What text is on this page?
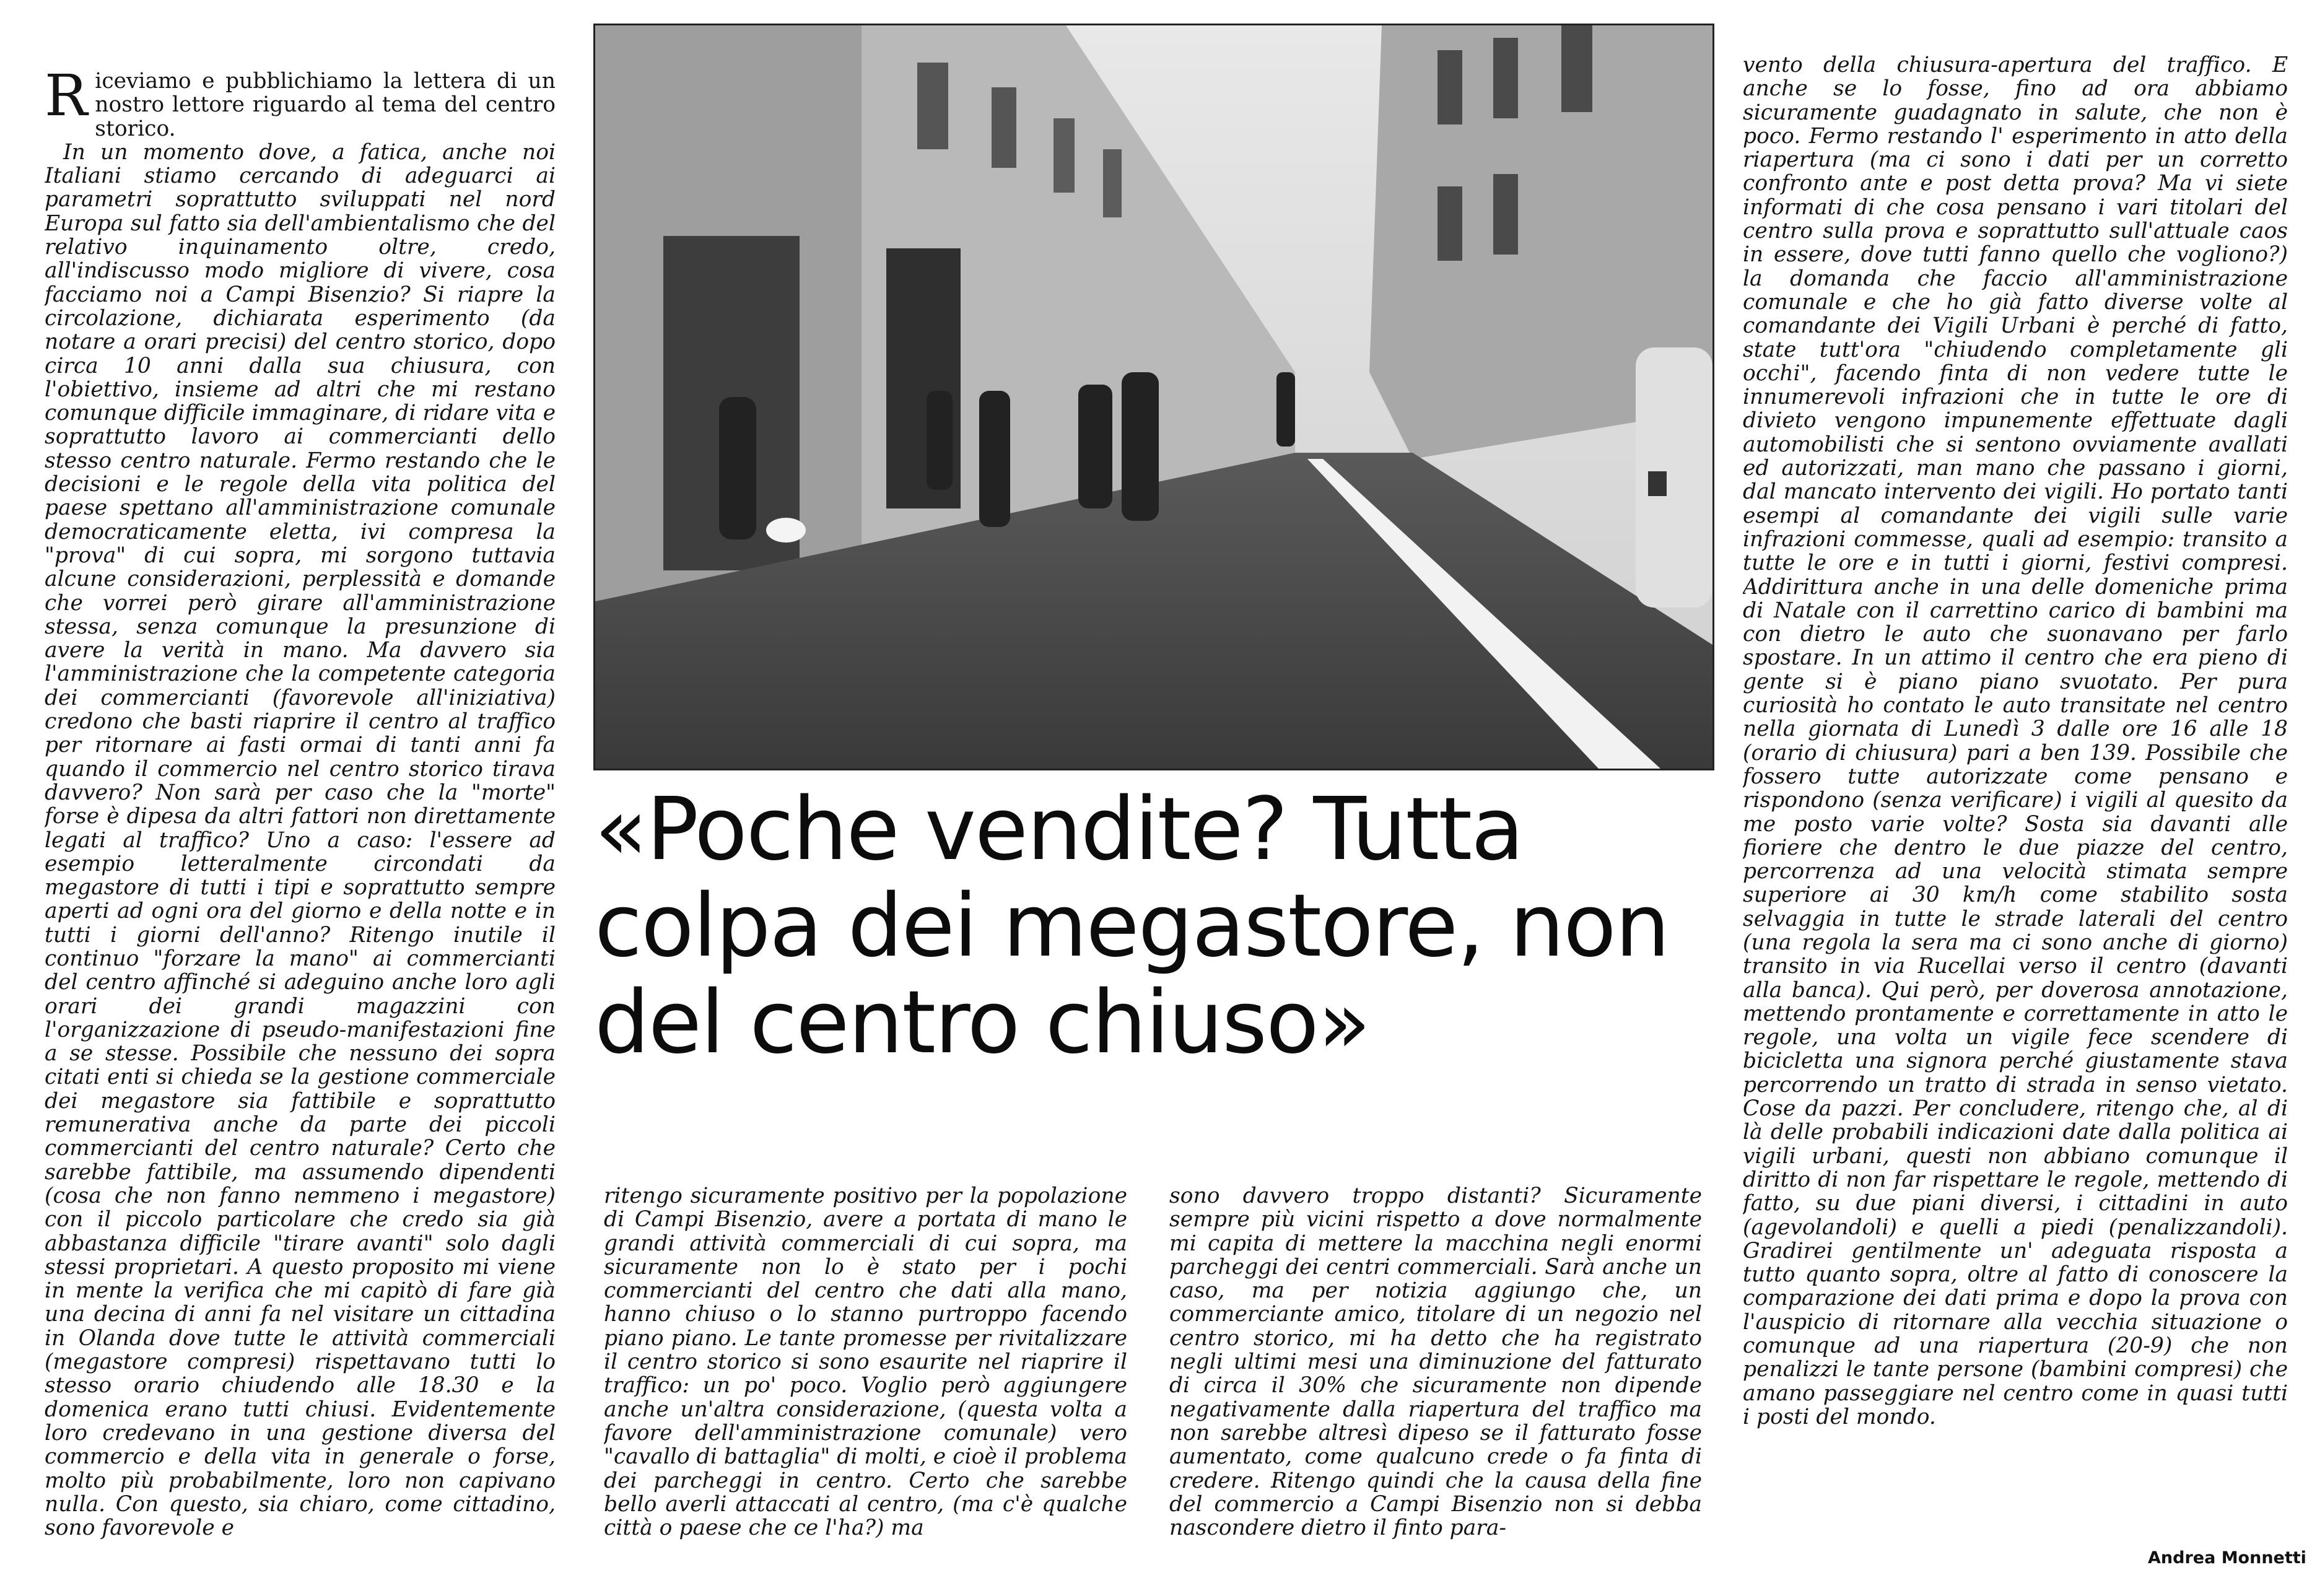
Riceviamo e pubblichiamo la lettera di un nostro lettore riguardo al tema del centro storico.

In un momento dove, a fatica, anche noi Italiani stiamo cercando di adeguarci ai parametri soprattutto sviluppati nel nord Europa sul fatto sia dell'ambientalismo che del relativo inquinamento oltre, credo, all'indiscusso modo migliore di vivere, cosa facciamo noi a Campi Bisenzio? Si riapre la circolazione, dichiarata esperimento (da notare a orari precisi) del centro storico, dopo circa 10 anni dalla sua chiusura, con l'obiettivo, insieme ad altri che mi restano comunque difficile immaginare, di ridare vita e soprattutto lavoro ai commercianti dello stesso centro naturale. Fermo restando che le decisioni e le regole della vita politica del paese spettano all'amministrazione comunale democraticamente eletta, ivi compresa la "prova" di cui sopra, mi sorgono tuttavia alcune considerazioni, perplessità e domande che vorrei però girare all'amministrazione stessa, senza comunque la presunzione di avere la verità in mano. Ma davvero sia l'amministrazione che la competente categoria dei commercianti (favorevole all'iniziativa) credono che basti riaprire il centro al traffico per ritornare ai fasti ormai di tanti anni fa quando il commercio nel centro storico tirava davvero? Non sarà per caso che la "morte" forse è dipesa da altri fattori non direttamente legati al traffico? Uno a caso: l'essere ad esempio letteralmente circondati da megastore di tutti i tipi e soprattutto sempre aperti ad ogni ora del giorno e della notte e in tutti i giorni dell'anno? Ritengo inutile il continuo "forzare la mano" ai commercianti del centro affinché si adeguino anche loro agli orari dei grandi magazzini con l'organizzazione di pseudo-manifestazioni fine a se stesse. Possibile che nessuno dei sopra citati enti si chieda se la gestione commerciale dei megastore sia fattibile e soprattutto remunerativa anche da parte dei piccoli commercianti del centro naturale? Certo che sarebbe fattibile, ma assumendo dipendenti (cosa che non fanno nemmeno i megastore) con il piccolo particolare che credo sia già abbastanza difficile "tirare avanti" solo dagli stessi proprietari. A questo proposito mi viene in mente la verifica che mi capitò di fare già una decina di anni fa nel visitare un cittadina in Olanda dove tutte le attività commerciali (megastore compresi) rispettavano tutti lo stesso orario chiudendo alle 18.30 e la domenica erano tutti chiusi. Evidentemente loro credevano in una gestione diversa del commercio e della vita in generale o forse, molto più probabilmente, loro non capivano nulla. Con questo, sia chiaro, come cittadino, sono favorevole e

«Poche vendite? Tutta colpa dei megastore, non del centro chiuso»

ritengo sicuramente positivo per la popolazione di Campi Bisenzio, avere a portata di mano le grandi attività commerciali di cui sopra, ma sicuramente non lo è stato per i pochi commercianti del centro che dati alla mano, hanno chiuso o lo stanno purtroppo facendo piano piano. Le tante promesse per rivitalizzare il centro storico si sono esaurite nel riaprire il traffico: un po' poco. Voglio però aggiungere anche un'altra considerazione, (questa volta a favore dell'amministrazione comunale) vero "cavallo di battaglia" di molti, e cioè il problema dei parcheggi in centro. Certo che sarebbe bello averli attaccati al centro, (ma c'è qualche città o paese che ce l'ha?) ma

sono davvero troppo distanti? Sicuramente sempre più vicini rispetto a dove normalmente mi capita di mettere la macchina negli enormi parcheggi dei centri commerciali. Sarà anche un caso, ma per notizia aggiungo che, un commerciante amico, titolare di un negozio nel centro storico, mi ha detto che ha registrato negli ultimi mesi una diminuzione del fatturato di circa il 30% che sicuramente non dipende negativamente dalla riapertura del traffico ma non sarebbe altresì dipeso se il fatturato fosse aumentato, come qualcuno crede o fa finta di credere. Ritengo quindi che la causa della fine del commercio a Campi Bisenzio non si debba nascondere dietro il finto para-

vento della chiusura-apertura del traffico. E anche se lo fosse, fino ad ora abbiamo sicuramente guadagnato in salute, che non è poco. Fermo restando l' esperimento in atto della riapertura (ma ci sono i dati per un corretto confronto ante e post detta prova? Ma vi siete informati di che cosa pensano i vari titolari del centro sulla prova e soprattutto sull'attuale caos in essere, dove tutti fanno quello che vogliono?) la domanda che faccio all'amministrazione comunale e che ho già fatto diverse volte al comandante dei Vigili Urbani è perché di fatto, state tutt'ora "chiudendo completamente gli occhi", facendo finta di non vedere tutte le innumerevoli infrazioni che in tutte le ore di divieto vengono impunemente effettuate dagli automobilisti che si sentono ovviamente avallati ed autorizzati, man mano che passano i giorni, dal mancato intervento dei vigili. Ho portato tanti esempi al comandante dei vigili sulle varie infrazioni commesse, quali ad esempio: transito a tutte le ore e in tutti i giorni, festivi compresi. Addirittura anche in una delle domeniche prima di Natale con il carrettino carico di bambini ma con dietro le auto che suonavano per farlo spostare. In un attimo il centro che era pieno di gente si è piano piano svuotato. Per pura curiosità ho contato le auto transitate nel centro nella giornata di Lunedì 3 dalle ore 16 alle 18 (orario di chiusura) pari a ben 139. Possibile che fossero tutte autorizzate come pensano e rispondono (senza verificare) i vigili al quesito da me posto varie volte? Sosta sia davanti alle fioriere che dentro le due piazze del centro, percorrenza ad una velocità stimata sempre superiore ai 30 km/h come stabilito sosta selvaggia in tutte le strade laterali del centro (una regola la sera ma ci sono anche di giorno) transito in via Rucellai verso il centro (davanti alla banca). Qui però, per doverosa annotazione, mettendo prontamente e correttamente in atto le regole, una volta un vigile fece scendere di bicicletta una signora perché giustamente stava percorrendo un tratto di strada in senso vietato. Cose da pazzi. Per concludere, ritengo che, al di là delle probabili indicazioni date dalla politica ai vigili urbani, questi non abbiano comunque il diritto di non far rispettare le regole, mettendo di fatto, su due piani diversi, i cittadini in auto (agevolandoli) e quelli a piedi (penalizzandoli). Gradirei gentilmente un' adeguata risposta a tutto quanto sopra, oltre al fatto di conoscere la comparazione dei dati prima e dopo la prova con l'auspicio di ritornare alla vecchia situazione o comunque ad una riapertura (20-9) che non penalizzi le tante persone (bambini compresi) che amano passeggiare nel centro come in quasi tutti i posti del mondo.

Andrea Monnetti
